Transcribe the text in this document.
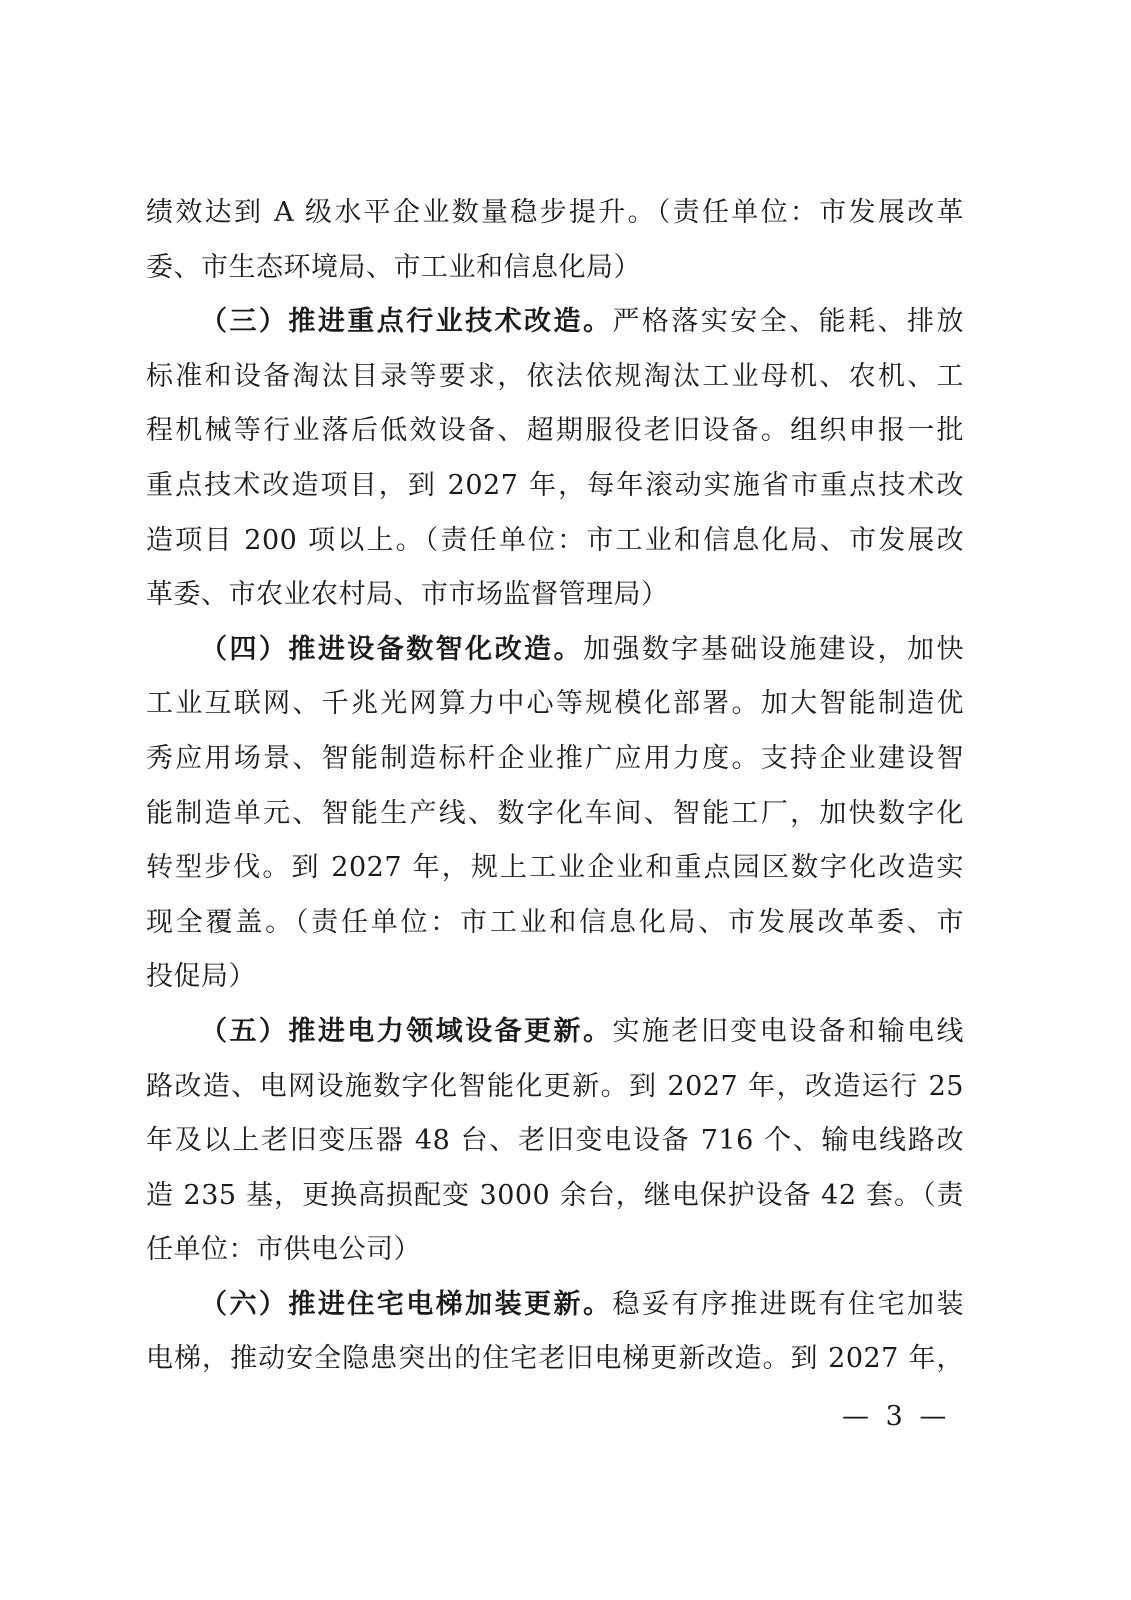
绩效达到 A 级水平企业数量稳步提升。（责任单位：市发展改革
委、市生态环境局、市工业和信息化局）
（三）推进重点行业技术改造。严格落实安全、能耗、排放
标准和设备淘汰目录等要求，依法依规淘汰工业母机、农机、工
程机械等行业落后低效设备、超期服役老旧设备。组织申报一批
重点技术改造项目，到 2027 年，每年滚动实施省市重点技术改
造项目 200 项以上。（责任单位：市工业和信息化局、市发展改
革委、市农业农村局、市市场监督管理局）
（四）推进设备数智化改造。加强数字基础设施建设，加快
工业互联网、千兆光网算力中心等规模化部署。加大智能制造优
秀应用场景、智能制造标杆企业推广应用力度。支持企业建设智
能制造单元、智能生产线、数字化车间、智能工厂，加快数字化
转型步伐。到 2027 年，规上工业企业和重点园区数字化改造实
现全覆盖。（责任单位：市工业和信息化局、市发展改革委、市
投促局）
（五）推进电力领域设备更新。实施老旧变电设备和输电线
路改造、电网设施数字化智能化更新。到 2027 年，改造运行 25
年及以上老旧变压器 48 台、老旧变电设备 716 个、输电线路改
造 235 基，更换高损配变 3000 余台，继电保护设备 42 套。（责
任单位：市供电公司）
（六）推进住宅电梯加装更新。稳妥有序推进既有住宅加装
电梯，推动安全隐患突出的住宅老旧电梯更新改造。到 2027 年，
— 3 —
